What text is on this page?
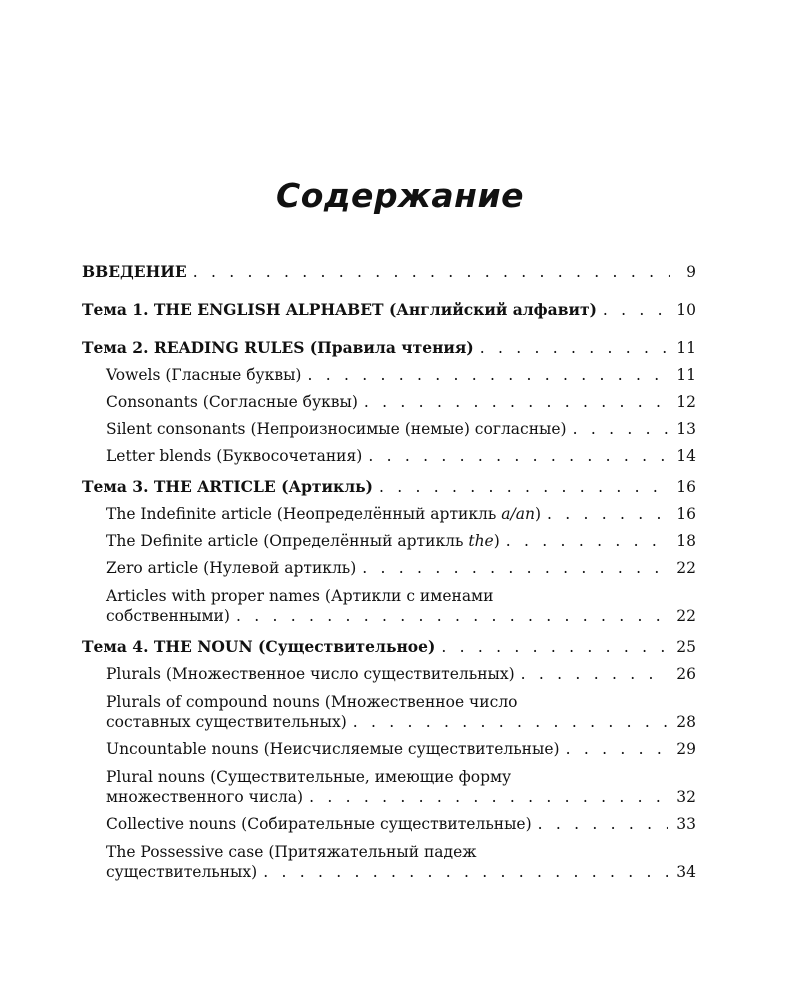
Содержание
ВВЕДЕНИЕ . . .	9
Тема 1. THE ENGLISH ALPHABET (Английский алфавит) . . .	10
Тема 2. READING RULES (Правила чтения) . . .	11
Vowels (Гласные буквы) . . .	11
Consonants (Согласные буквы) . . .	12
Silent consonants (Непроизносимые (немые) согласные) . . .	13
Letter blends (Буквосочетания) . . .	14
Тема 3. THE ARTICLE (Артикль) . . .	16
The Indefinite article (Неопределённый артикль a/an) . . .	16
The Definite article (Определённый артикль the) . . .	18
Zero article (Нулевой артикль) . . .	22
Articles with proper names (Артикли с именами
собственными) . . .	22
Тема 4. THE NOUN (Существительное) . . .	25
Plurals (Множественное число существительных) . . .	26
Plurals of compound nouns (Множественное число
составных существительных) . . .	28
Uncountable nouns (Неисчисляемые существительные) . . .	29
Plural nouns (Существительные, имеющие форму
множественного числа) . . .	32
Collective nouns (Собирательные существительные) . . .	33
The Possessive case (Притяжательный падеж
существительных) . . .	34
